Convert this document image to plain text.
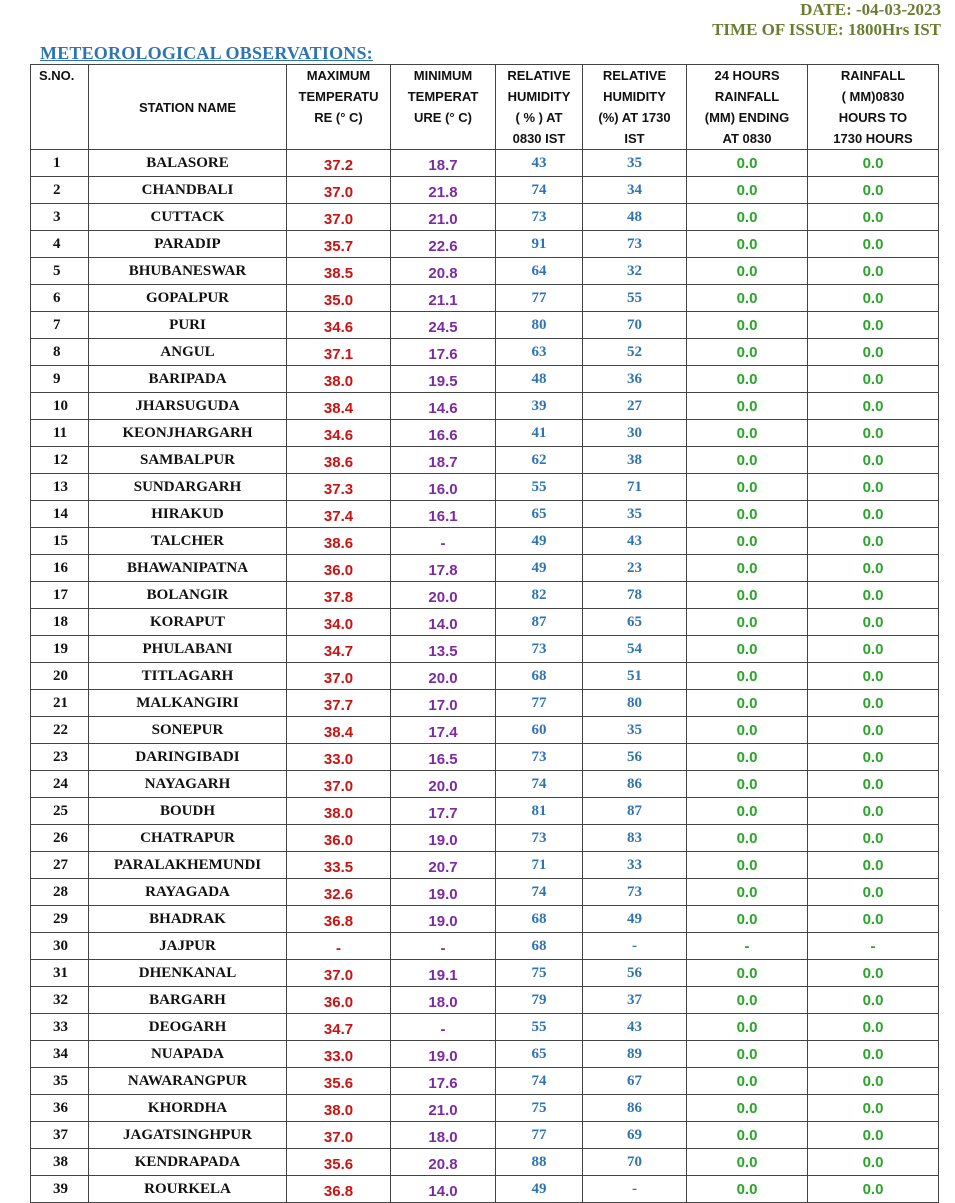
DATE: -04-03-2023
TIME OF ISSUE: 1800Hrs IST
METEOROLOGICAL OBSERVATIONS:
S.NO.	STATION NAME	MAXIMUM
TEMPERATU
RE (° C)	MINIMUM
TEMPERAT
URE (° C)	RELATIVE
HUMIDITY
( % ) AT
0830 IST	RELATIVE
HUMIDITY
(%) AT 1730
IST	24 HOURS
RAINFALL
(MM) ENDING
AT 0830	RAINFALL
( MM)0830
HOURS TO
1730 HOURS
1	BALASORE	37.2	18.7	43	35	0.0	0.0
2	CHANDBALI	37.0	21.8	74	34	0.0	0.0
3	CUTTACK	37.0	21.0	73	48	0.0	0.0
4	PARADIP	35.7	22.6	91	73	0.0	0.0
5	BHUBANESWAR	38.5	20.8	64	32	0.0	0.0
6	GOPALPUR	35.0	21.1	77	55	0.0	0.0
7	PURI	34.6	24.5	80	70	0.0	0.0
8	ANGUL	37.1	17.6	63	52	0.0	0.0
9	BARIPADA	38.0	19.5	48	36	0.0	0.0
10	JHARSUGUDA	38.4	14.6	39	27	0.0	0.0
11	KEONJHARGARH	34.6	16.6	41	30	0.0	0.0
12	SAMBALPUR	38.6	18.7	62	38	0.0	0.0
13	SUNDARGARH	37.3	16.0	55	71	0.0	0.0
14	HIRAKUD	37.4	16.1	65	35	0.0	0.0
15	TALCHER	38.6	-	49	43	0.0	0.0
16	BHAWANIPATNA	36.0	17.8	49	23	0.0	0.0
17	BOLANGIR	37.8	20.0	82	78	0.0	0.0
18	KORAPUT	34.0	14.0	87	65	0.0	0.0
19	PHULABANI	34.7	13.5	73	54	0.0	0.0
20	TITLAGARH	37.0	20.0	68	51	0.0	0.0
21	MALKANGIRI	37.7	17.0	77	80	0.0	0.0
22	SONEPUR	38.4	17.4	60	35	0.0	0.0
23	DARINGIBADI	33.0	16.5	73	56	0.0	0.0
24	NAYAGARH	37.0	20.0	74	86	0.0	0.0
25	BOUDH	38.0	17.7	81	87	0.0	0.0
26	CHATRAPUR	36.0	19.0	73	83	0.0	0.0
27	PARALAKHEMUNDI	33.5	20.7	71	33	0.0	0.0
28	RAYAGADA	32.6	19.0	74	73	0.0	0.0
29	BHADRAK	36.8	19.0	68	49	0.0	0.0
30	JAJPUR	-	-	68	-	-	-
31	DHENKANAL	37.0	19.1	75	56	0.0	0.0
32	BARGARH	36.0	18.0	79	37	0.0	0.0
33	DEOGARH	34.7	-	55	43	0.0	0.0
34	NUAPADA	33.0	19.0	65	89	0.0	0.0
35	NAWARANGPUR	35.6	17.6	74	67	0.0	0.0
36	KHORDHA	38.0	21.0	75	86	0.0	0.0
37	JAGATSINGHPUR	37.0	18.0	77	69	0.0	0.0
38	KENDRAPADA	35.6	20.8	88	70	0.0	0.0
39	ROURKELA	36.8	14.0	49	-	0.0	0.0
